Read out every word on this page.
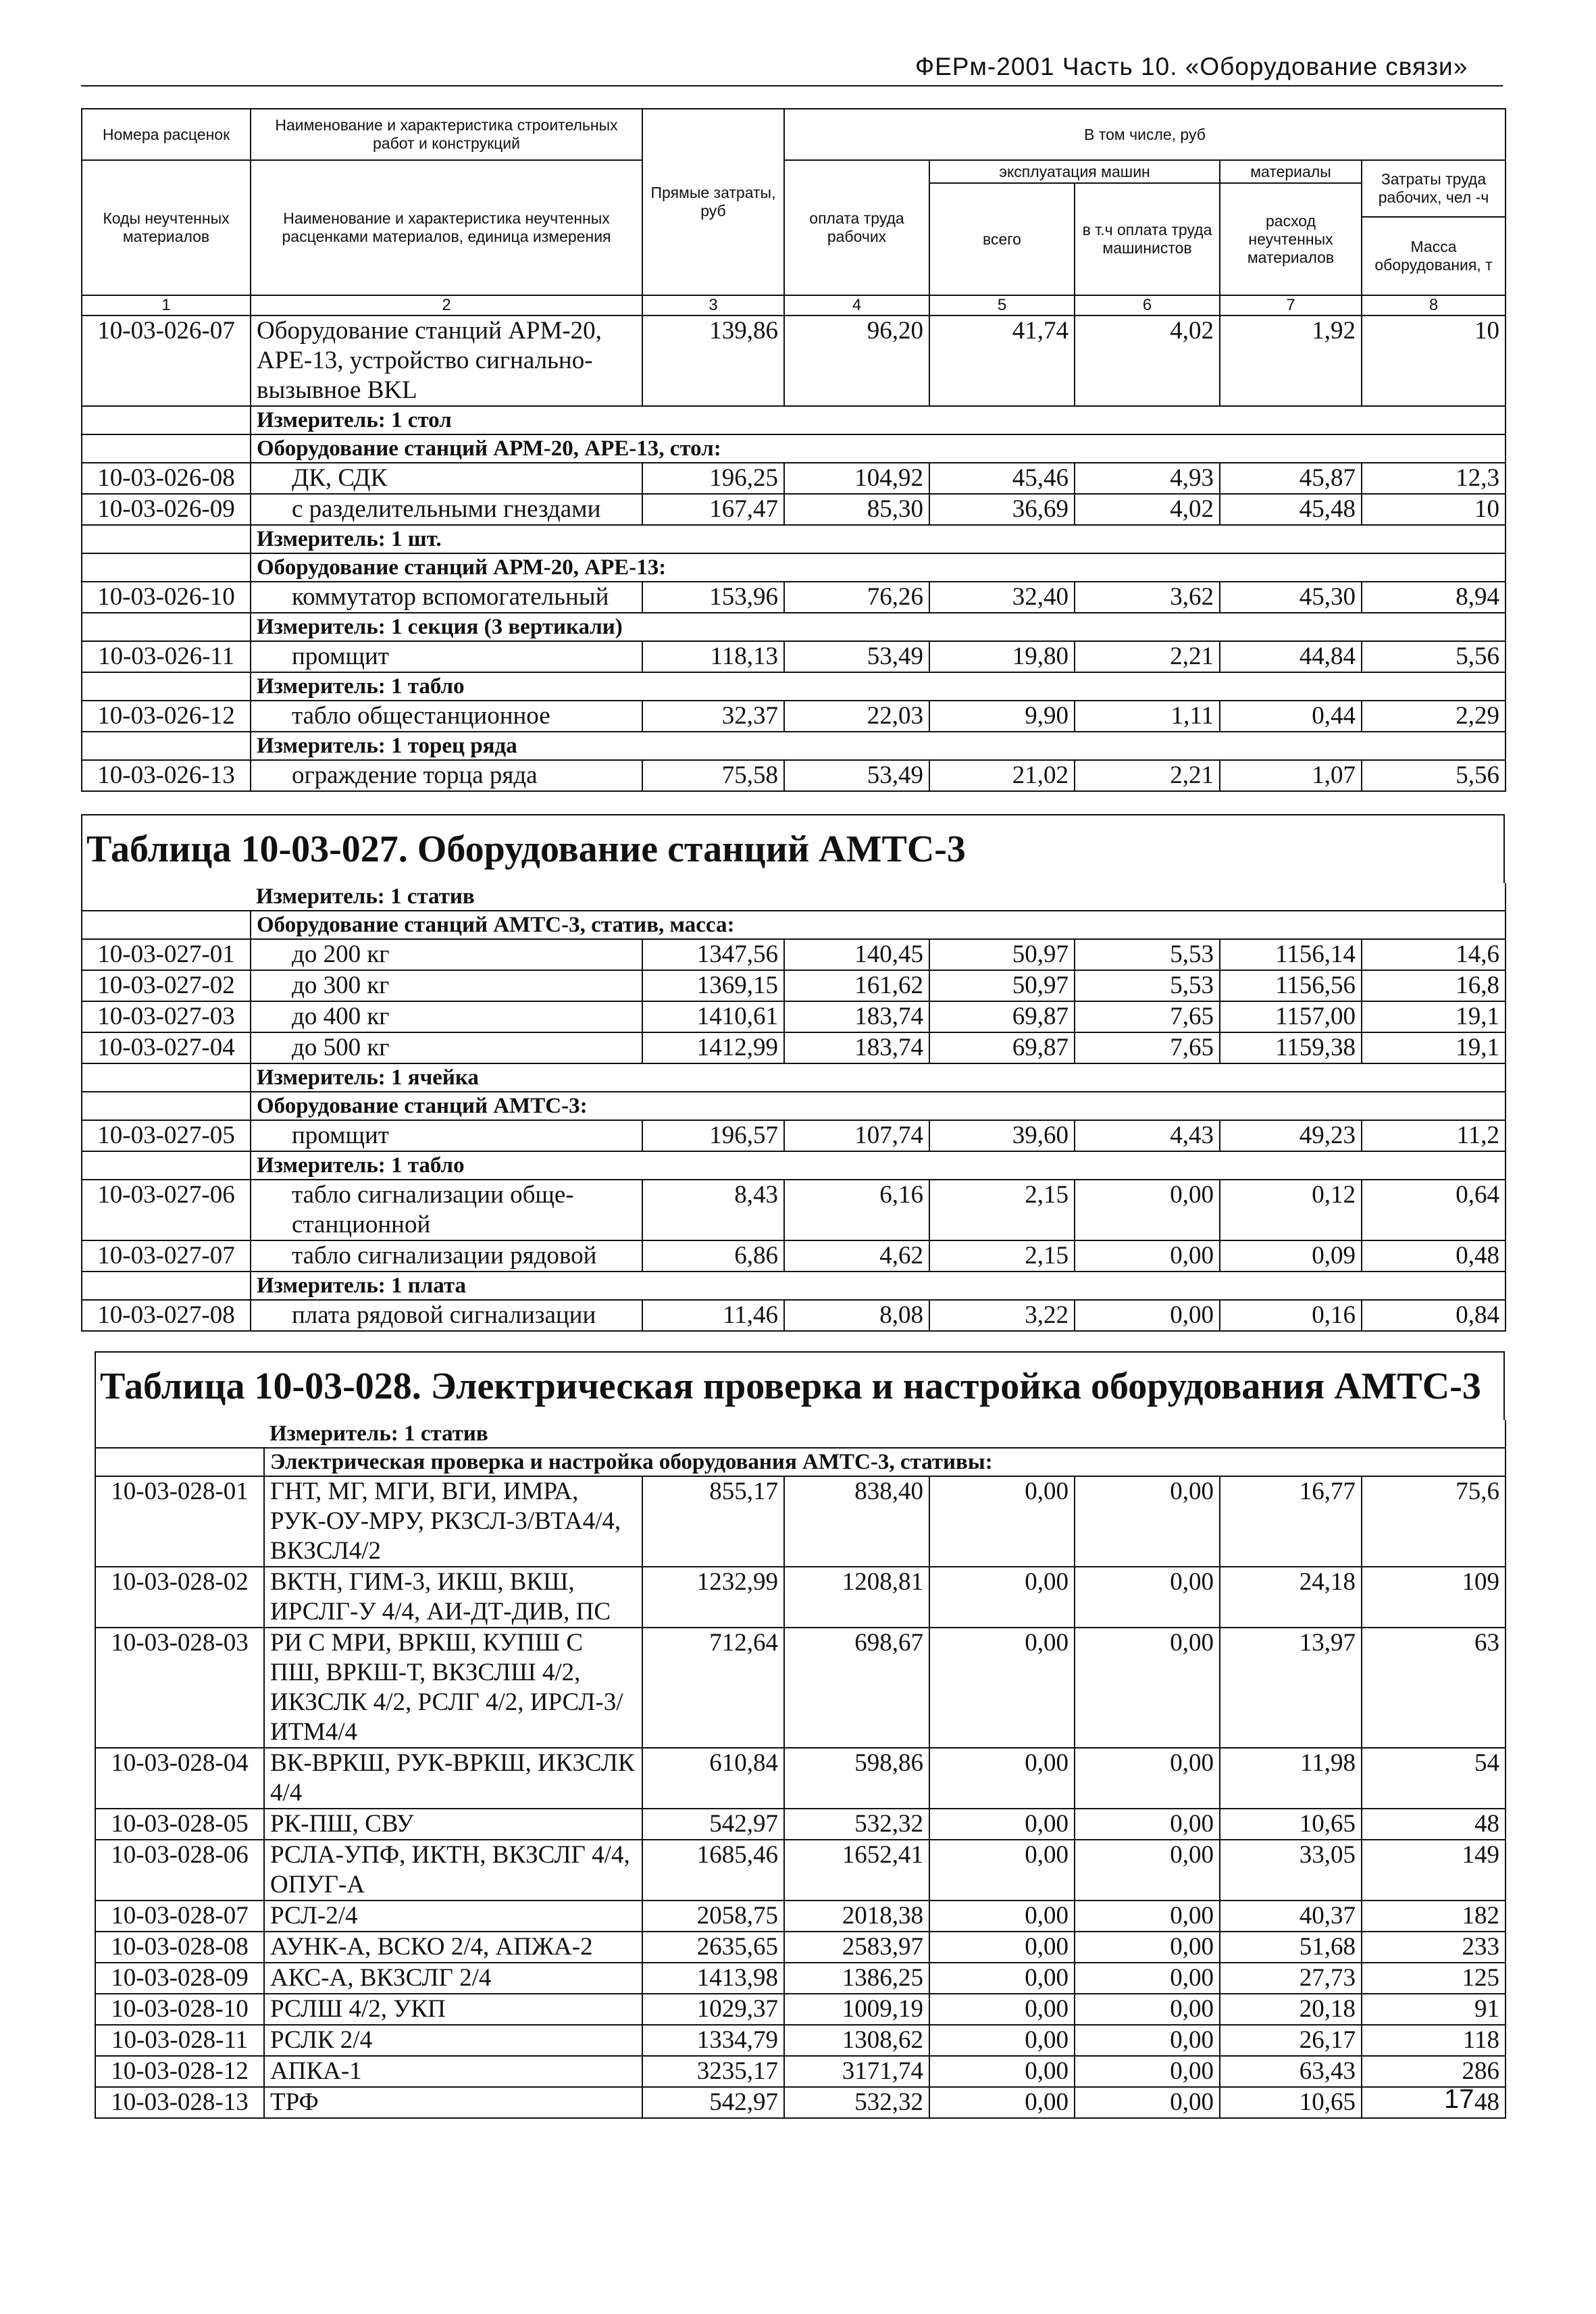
ФЕРм-2001 Часть 10. «Оборудование связи»
Номера расценок	Наименование и характеристика строительных работ и конструкций	Прямые затраты, руб	В том числе, руб				
Коды неучтенных материалов	Наименование и характеристика неучтенных расценками материалов, единица измерения		оплата труда рабочих	эксплуатация машин		материалы	Затраты труда рабочих, чел -ч
				всего	в т.ч оплата труда машинистов	расход неучтенных материалов	
							Масса оборудования, т
1	2	3	4	5	6	7	8
10-03-026-07	Оборудование станций АРМ-20, АРЕ-13, устройство сигнально-вызывное BKL	139,86	96,20	41,74	4,02	1,92	10
	Измеритель: 1 стол						
	Оборудование станций АРМ-20, АРЕ-13, стол:						
10-03-026-08	ДК, СДК	196,25	104,92	45,46	4,93	45,87	12,3
10-03-026-09	с разделительными гнездами	167,47	85,30	36,69	4,02	45,48	10
	Измеритель: 1 шт.						
	Оборудование станций АРМ-20, АРЕ-13:						
10-03-026-10	коммутатор вспомогательный	153,96	76,26	32,40	3,62	45,30	8,94
	Измеритель: 1 секция (3 вертикали)						
10-03-026-11	промщит	118,13	53,49	19,80	2,21	44,84	5,56
	Измеритель: 1 табло						
10-03-026-12	табло общестанционное	32,37	22,03	9,90	1,11	0,44	2,29
	Измеритель: 1 торец ряда						
10-03-026-13	ограждение торца ряда	75,58	53,49	21,02	2,21	1,07	5,56
Таблица 10-03-027. Оборудование станций АМТС-3
	Измеритель: 1 статив						
	Оборудование станций АМТС-3, статив, масса:						
10-03-027-01	до 200 кг	1347,56	140,45	50,97	5,53	1156,14	14,6
10-03-027-02	до 300 кг	1369,15	161,62	50,97	5,53	1156,56	16,8
10-03-027-03	до 400 кг	1410,61	183,74	69,87	7,65	1157,00	19,1
10-03-027-04	до 500 кг	1412,99	183,74	69,87	7,65	1159,38	19,1
	Измеритель: 1 ячейка						
	Оборудование станций АМТС-3:						
10-03-027-05	промщит	196,57	107,74	39,60	4,43	49,23	11,2
	Измеритель: 1 табло						
10-03-027-06	табло сигнализации обще-станционной	8,43	6,16	2,15	0,00	0,12	0,64
10-03-027-07	табло сигнализации рядовой	6,86	4,62	2,15	0,00	0,09	0,48
	Измеритель: 1 плата						
10-03-027-08	плата рядовой сигнализации	11,46	8,08	3,22	0,00	0,16	0,84
Таблица 10-03-028. Электрическая проверка и настройка оборудования АМТС-3
	Измеритель: 1 статив						
	Электрическая проверка и настройка оборудования АМТС-3, стативы:						
10-03-028-01	ГНТ, МГ, МГИ, ВГИ, ИМРА, РУК-ОУ-МРУ, РКЗСЛ-3/ВТА4/4, ВКЗСЛ4/2	855,17	838,40	0,00	0,00	16,77	75,6
10-03-028-02	ВКТН, ГИМ-3, ИКШ, ВКШ, ИРСЛГ-У 4/4, АИ-ДТ-ДИВ, ПС	1232,99	1208,81	0,00	0,00	24,18	109
10-03-028-03	РИ С МРИ, ВРКШ, КУПШ С ПШ, ВРКШ-Т, ВКЗСЛШ 4/2, ИКЗСЛК 4/2, РСЛГ 4/2, ИРСЛ-3/ИТМ4/4	712,64	698,67	0,00	0,00	13,97	63
10-03-028-04	ВК-ВРКШ, РУК-ВРКШ, ИКЗСЛК 4/4	610,84	598,86	0,00	0,00	11,98	54
10-03-028-05	РК-ПШ, СВУ	542,97	532,32	0,00	0,00	10,65	48
10-03-028-06	РСЛА-УПФ, ИКТН, ВКЗСЛГ 4/4, ОПУГ-А	1685,46	1652,41	0,00	0,00	33,05	149
10-03-028-07	РСЛ-2/4	2058,75	2018,38	0,00	0,00	40,37	182
10-03-028-08	АУНК-А, ВСКО 2/4, АПЖА-2	2635,65	2583,97	0,00	0,00	51,68	233
10-03-028-09	АКС-А, ВКЗСЛГ 2/4	1413,98	1386,25	0,00	0,00	27,73	125
10-03-028-10	РСЛШ 4/2, УКП	1029,37	1009,19	0,00	0,00	20,18	91
10-03-028-11	РСЛК 2/4	1334,79	1308,62	0,00	0,00	26,17	118
10-03-028-12	АПКА-1	3235,17	3171,74	0,00	0,00	63,43	286
10-03-028-13	ТРФ	542,97	532,32	0,00	0,00	10,65	48
17
